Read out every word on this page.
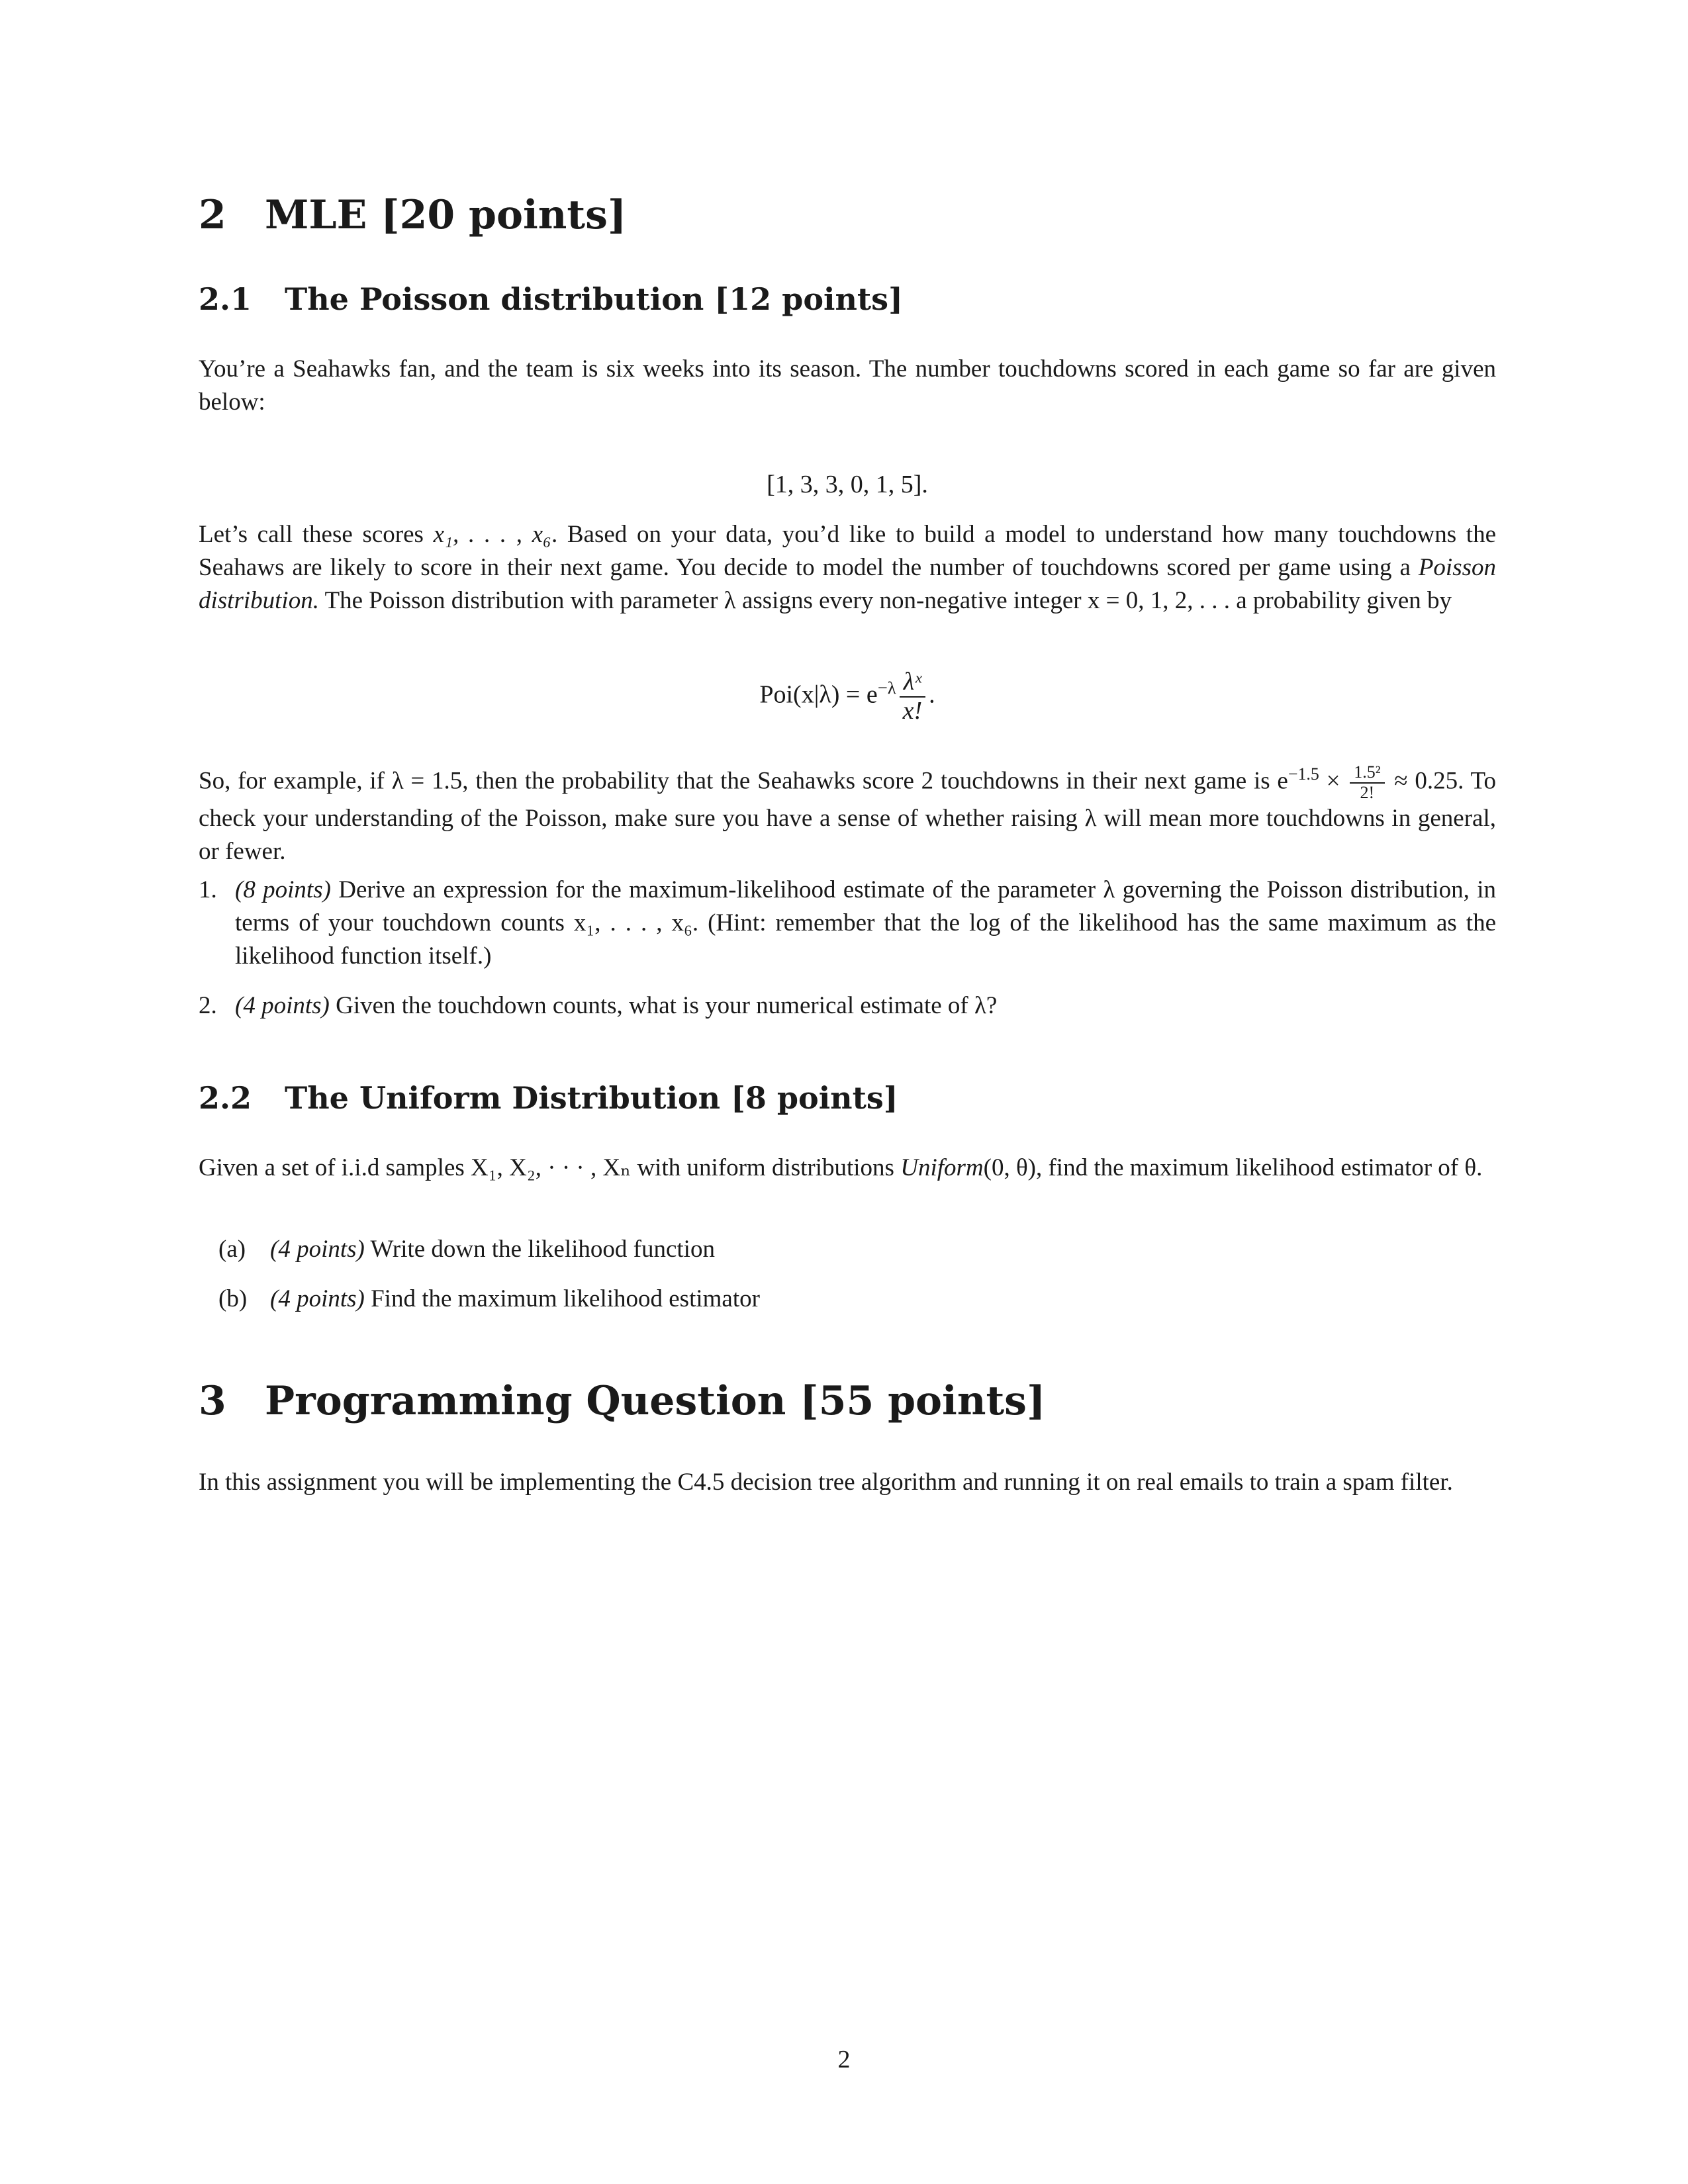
2 MLE [20 points]
2.1 The Poisson distribution [12 points]
You’re a Seahawks fan, and the team is six weeks into its season. The number touchdowns scored in each game so far are given below:
[1, 3, 3, 0, 1, 5].
Let’s call these scores x₁, . . . , x₆. Based on your data, you’d like to build a model to understand how many touchdowns the Seahaws are likely to score in their next game. You decide to model the number of touchdowns scored per game using a Poisson distribution. The Poisson distribution with parameter λ assigns every non-negative integer x = 0, 1, 2, . . . a probability given by
$Poi(x|\lambda) = e^{-\lambda} \frac{\text{λˣ}}{x!}$ .
So, for example, if λ = 1.5, then the probability that the Seahawks score 2 touchdowns in their next game is $e^{-1.5} \times \frac{\text{1.5²}}{2!} \approx 0.25$. To check your understanding of the Poisson, make sure you have a sense of whether raising λ will mean more touchdowns in general, or fewer.
1. (8 points) Derive an expression for the maximum-likelihood estimate of the parameter λ governing the Poisson distribution, in terms of your touchdown counts x₁, . . . , x₆. (Hint: remember that the log of the likelihood has the same maximum as the likelihood function itself.)
2. (4 points) Given the touchdown counts, what is your numerical estimate of λ?
2.2 The Uniform Distribution [8 points]
Given a set of i.i.d samples X₁, X₂, · · · , Xₙ with uniform distributions Uniform(0, θ), find the maximum likelihood estimator of θ.
(a) (4 points) Write down the likelihood function
(b) (4 points) Find the maximum likelihood estimator
3 Programming Question [55 points]
In this assignment you will be implementing the C4.5 decision tree algorithm and running it on real emails to train a spam filter.
2
